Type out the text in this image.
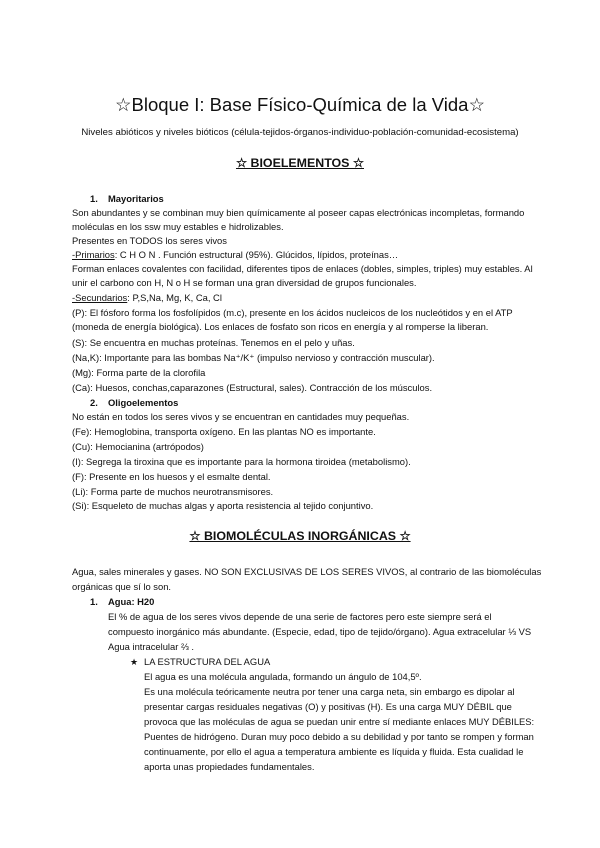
☆Bloque I: Base Físico-Química de la Vida☆
Niveles abióticos y niveles bióticos (célula-tejidos-órganos-individuo-población-comunidad-ecosistema)
☆ BIOELEMENTOS ☆
1. Mayoritarios
Son abundantes y se combinan muy bien químicamente al poseer capas electrónicas incompletas, formando
moléculas en los ssw muy estables e hidrolizables.
Presentes en TODOS los seres vivos
-Primarios: C H O N . Función estructural (95%). Glúcidos, lípidos, proteínas…
Forman enlaces covalentes con facilidad, diferentes tipos de enlaces (dobles, simples, triples) muy estables. Al
unir el carbono con H, N o H se forman una gran diversidad de grupos funcionales.
-Secundarios: P,S,Na, Mg, K, Ca, Cl
(P): El fósforo forma los fosfolípidos (m.c), presente en los ácidos nucleicos de los nucleótidos y en el ATP
(moneda de energía biológica). Los enlaces de fosfato son ricos en energía y al romperse la liberan.
(S): Se encuentra en muchas proteínas. Tenemos en el pelo y uñas.
(Na,K): Importante para las bombas Na⁺/K⁺ (impulso nervioso y contracción muscular).
(Mg): Forma parte de la clorofila
(Ca): Huesos, conchas,caparazones (Estructural, sales). Contracción de los músculos.
2. Oligoelementos
No están en todos los seres vivos y se encuentran en cantidades muy pequeñas.
(Fe): Hemoglobina, transporta oxígeno. En las plantas NO es importante.
(Cu): Hemocianina (artrópodos)
(I): Segrega la tiroxina que es importante para la hormona tiroidea (metabolismo).
(F): Presente en los huesos y el esmalte dental.
(Li): Forma parte de muchos neurotransmisores.
(Si): Esqueleto de muchas algas y aporta resistencia al tejido conjuntivo.
☆ BIOMOLÉCULAS INORGÁNICAS ☆
Agua, sales minerales y gases. NO SON EXCLUSIVAS DE LOS SERES VIVOS, al contrario de las biomoléculas
orgánicas que sí lo son.
1. Agua: H20
El % de agua de los seres vivos depende de una serie de factores pero este siempre será el
compuesto inorgánico más abundante. (Especie, edad, tipo de tejido/órgano). Agua extracelular ⅓ VS
Agua intracelular ⅔ .
★ LA ESTRUCTURA DEL AGUA
El agua es una molécula angulada, formando un ángulo de 104,5º.
Es una molécula teóricamente neutra por tener una carga neta, sin embargo es dipolar al
presentar cargas residuales negativas (O) y positivas (H). Es una carga MUY DÉBIL que
provoca que las moléculas de agua se puedan unir entre sí mediante enlaces MUY DÉBILES:
Puentes de hidrógeno. Duran muy poco debido a su debilidad y por tanto se rompen y forman
continuamente, por ello el agua a temperatura ambiente es líquida y fluida. Esta cualidad le
aporta unas propiedades fundamentales.
